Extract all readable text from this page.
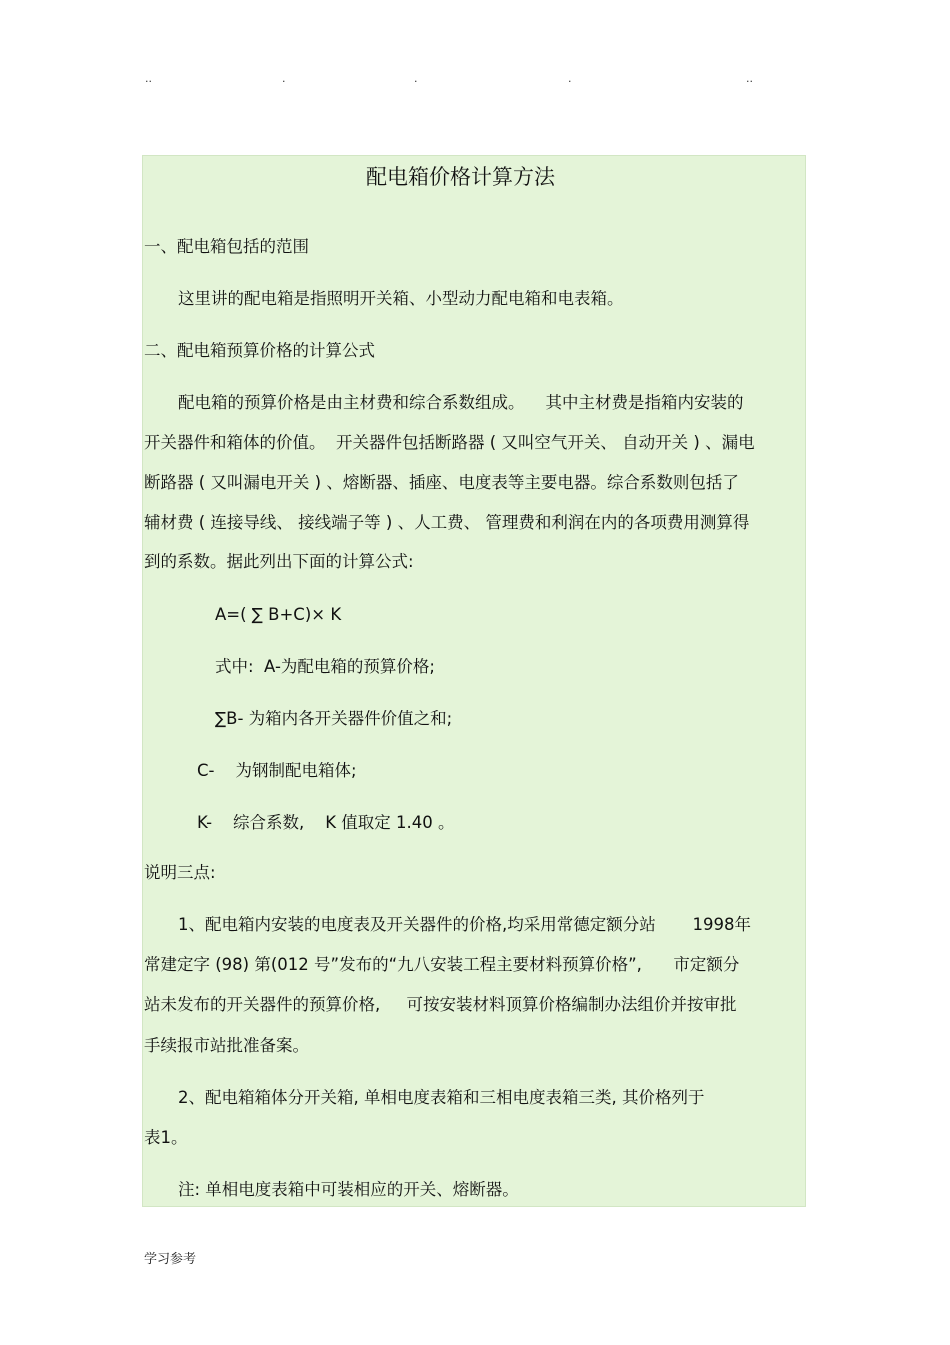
..	.	.	.	..
配电箱价格计算方法
一、配电箱包括的范围
这里讲的配电箱是指照明开关箱、小型动力配电箱和电表箱。
二、配电箱预算价格的计算公式
配电箱的预算价格是由主材费和综合系数组成。    其中主材费是指箱内安装的
开关器件和箱体的价值。  开关器件包括断路器 ( 又叫空气开关、 自动开关 ) 、漏电
断路器 ( 又叫漏电开关 ) 、熔断器、插座、电度表等主要电器。综合系数则包括了
辅材费 ( 连接导线、 接线端子等 ) 、人工费、 管理费和利润在内的各项费用测算得
到的系数。据此列出下面的计算公式:
A=( ∑ B+C)× K
式中:  A-为配电箱的预算价格;
∑B- 为箱内各开关器件价值之和;
C-    为钢制配电箱体;
K-    综合系数,    K 值取定 1.40 。
说明三点:
1、配电箱内安装的电度表及开关器件的价格,均采用常德定额分站       1998年
常建定字 (98) 第(012 号”发布的“九八安装工程主要材料预算价格”,      市定额分
站未发布的开关器件的预算价格,     可按安装材料顶算价格编制办法组价并按审批
手续报市站批准备案。
2、配电箱箱体分开关箱, 单相电度表箱和三相电度表箱三类, 其价格列于
表1。
注: 单相电度表箱中可装相应的开关、熔断器。
学习参考
